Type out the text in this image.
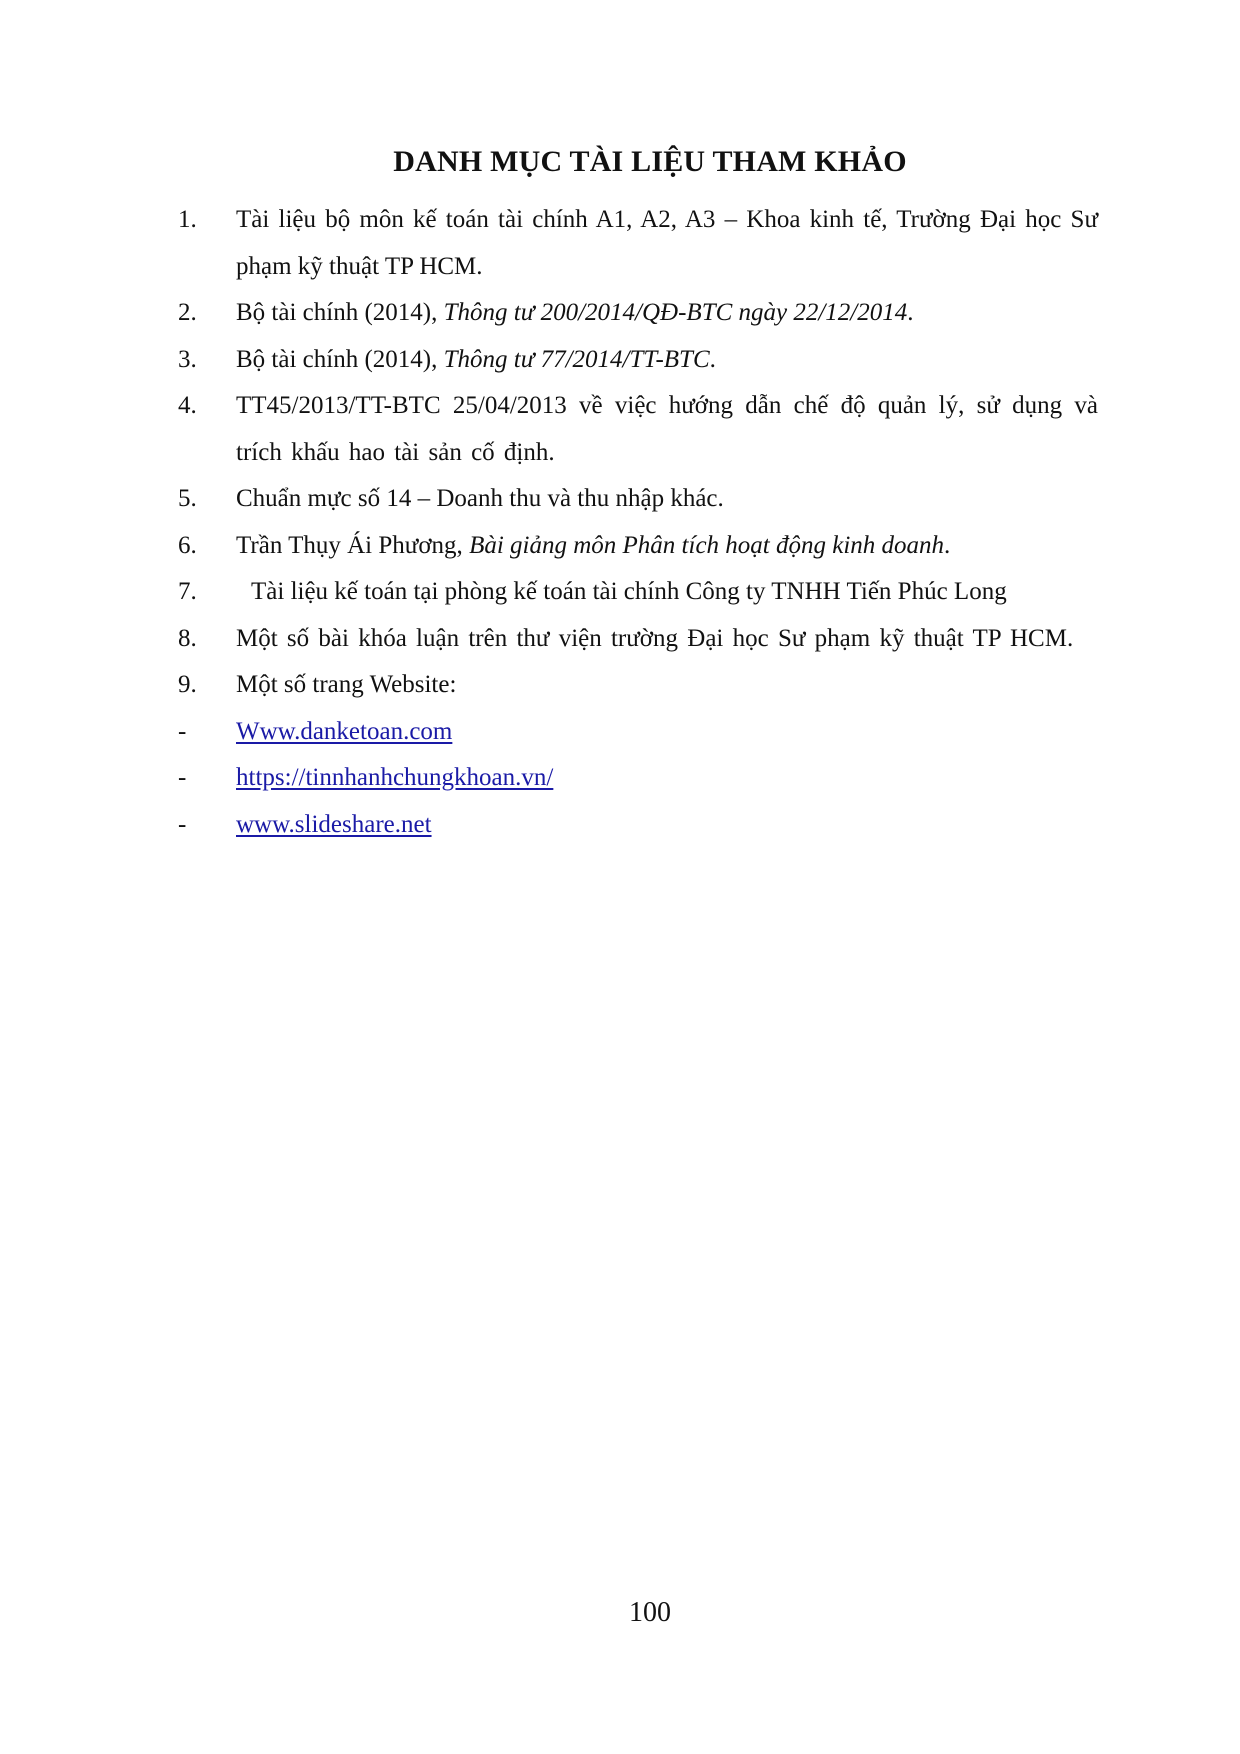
DANH MỤC TÀI LIỆU THAM KHẢO
1. Tài liệu bộ môn kế toán tài chính A1, A2, A3 – Khoa kinh tế, Trường Đại học Sư phạm kỹ thuật TP HCM.
2. Bộ tài chính (2014), Thông tư 200/2014/QĐ-BTC ngày 22/12/2014.
3. Bộ tài chính (2014), Thông tư 77/2014/TT-BTC.
4. TT45/2013/TT-BTC 25/04/2013 về việc hướng dẫn chế độ quản lý, sử dụng và trích khấu hao tài sản cố định.
5. Chuẩn mực số 14 – Doanh thu và thu nhập khác.
6. Trần Thụy Ái Phương, Bài giảng môn Phân tích hoạt động kinh doanh.
7.	Tài liệu kế toán tại phòng kế toán tài chính Công ty TNHH Tiến Phúc Long
8. Một số bài khóa luận trên thư viện trường Đại học Sư phạm kỹ thuật TP HCM.
9. Một số trang Website:
- Www.danketoan.com
- https://tinnhanhchungkhoan.vn/
- www.slideshare.net
100
